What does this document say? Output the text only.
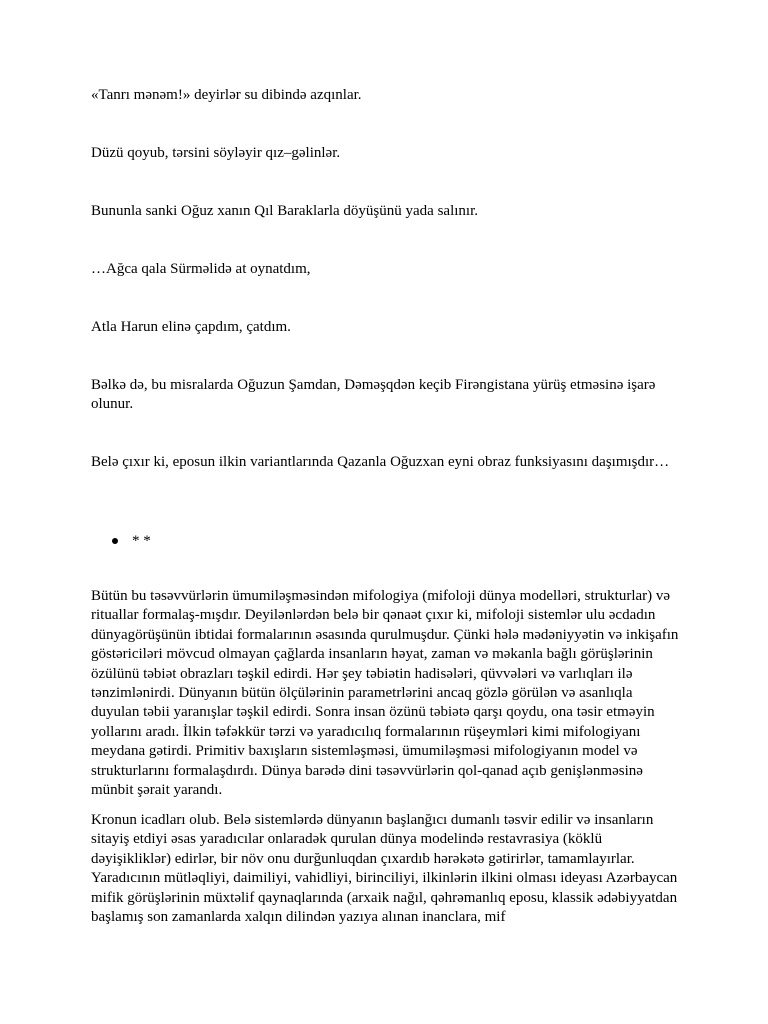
«Tanrı mənəm!» deyirlər su dibində azqınlar.

Düzü qoyub, tərsini söyləyir qız–gəlinlər.

Bununla sanki Oğuz xanın Qıl Baraklarla döyüşünü yada salınır.

…Ağca qala Sürməlidə at oynatdım,

Atla Harun elinə çapdım, çatdım.

Bəlkə də, bu misralarda Oğuzun Şamdan, Dəməşqdən keçib Firəngistana yürüş etməsinə işarə olunur.

Belə çıxır ki, eposun ilkin variantlarında Qazanla Oğuzxan eyni obraz funksiyasını daşımışdır…

* *

Bütün bu təsəvvürlərin ümumiləşməsindən mifologiya (mifoloji dünya modelləri, strukturlar) və rituallar formalaş-mışdır. Deyilənlərdən belə bir qənaət çıxır ki, mifoloji sistemlər ulu əcdadın dünyagörüşünün ibtidai formalarının əsasında qurulmuşdur. Çünki hələ mədəniyyətin və inkişafın göstəriciləri mövcud olmayan çağlarda insanların həyat, zaman və məkanla bağlı görüşlərinin özülünü təbiət obrazları təşkil edirdi. Hər şey təbiətin hadisələri, qüvvələri və varlıqları ilə tənzimlənirdi. Dünyanın bütün ölçülərinin parametrlərini ancaq gözlə görülən və asanlıqla duyulan təbii yaranışlar təşkil edirdi. Sonra insan özünü təbiətə qarşı qoydu, ona təsir etməyin yollarını aradı. İlkin təfəkkür tərzi və yaradıcılıq formalarının rüşeymləri kimi mifologiyanı meydana gətirdi. Primitiv baxışların sistemləşməsi, ümumiləşməsi mifologiyanın model və strukturlarını formalaşdırdı. Dünya barədə dini təsəvvürlərin qol-qanad açıb genişlənməsinə münbit şərait yarandı.

Kronun icadları olub. Belə sistemlərdə dünyanın başlanğıcı dumanlı təsvir edilir və insanların sitayiş etdiyi əsas yaradıcılar onlaradək qurulan dünya modelində restavrasiya (köklü dəyişikliklər) edirlər, bir növ onu durğunluqdan çıxardıb hərəkətə gətirirlər, tamamlayırlar. Yaradıcının mütləqliyi, daimiliyi, vahidliyi, birinciliyi, ilkinlərin ilkini olması ideyası Azərbaycan mifik görüşlərinin müxtəlif qaynaqlarında (arxaik nağıl, qəhrəmanlıq eposu, klassik ədəbiyyatdan başlamış son zamanlarda xalqın dilindən yazıya alınan inanclara, mif
